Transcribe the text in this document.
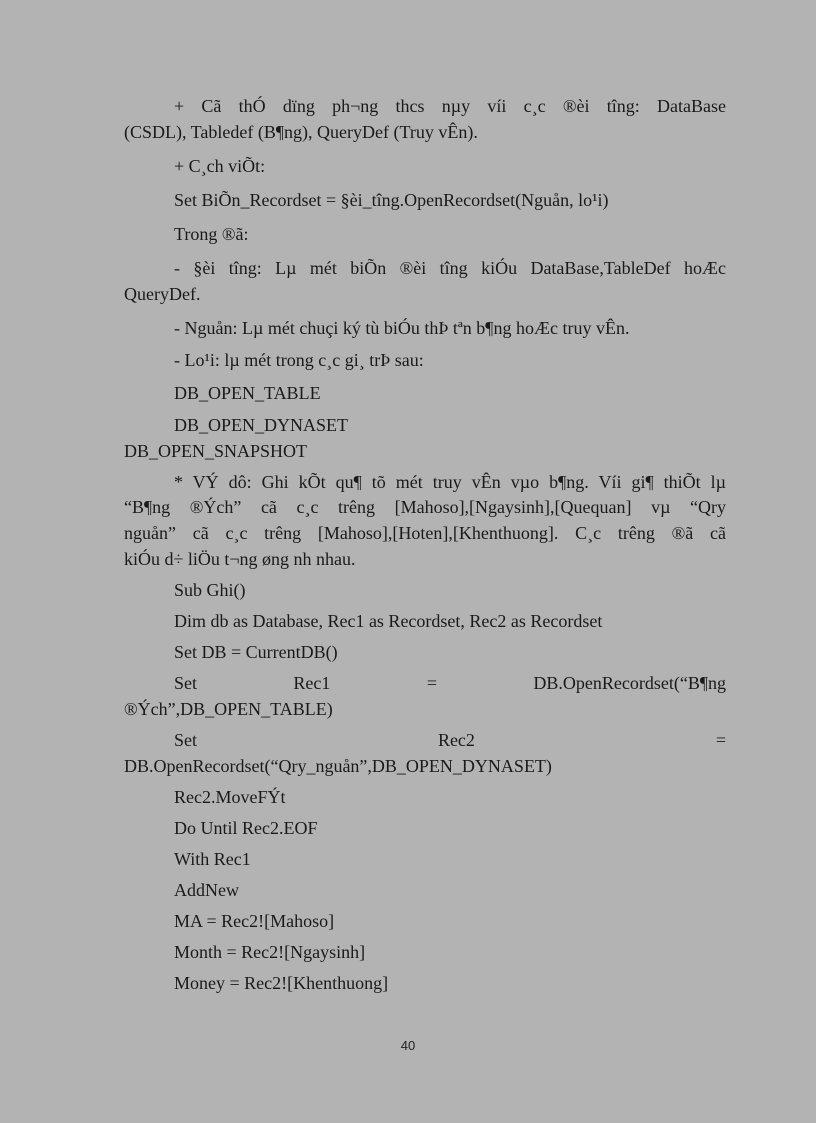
+ Cã thÓ dïng ph¬ng thcs nµy víi c¸c ®èi tîng: DataBase
(CSDL), Tabledef (B¶ng), QueryDef (Truy vÊn).
+ C¸ch viÕt:
Set BiÕn_Recordset = §èi_tîng.OpenRecordset(Nguån, lo¹i)
Trong ®ã:
- §èi tîng: Lµ mét biÕn ®èi tîng kiÓu DataBase,TableDef hoÆc
QueryDef.
- Nguån: Lµ mét chuçi ký tù biÓu thÞ tªn b¶ng hoÆc truy vÊn.
- Lo¹i: lµ mét trong c¸c gi¸ trÞ sau:
DB_OPEN_TABLE
DB_OPEN_DYNASET
DB_OPEN_SNAPSHOT
* VÝ dô: Ghi kÕt qu¶ tõ mét truy vÊn vµo b¶ng. Víi gi¶ thiÕt lµ
“B¶ng ®Ých” cã c¸c trêng [Mahoso],[Ngaysinh],[Quequan] vµ “Qry
nguån” cã c¸c trêng [Mahoso],[Hoten],[Khenthuong]. C¸c trêng ®ã cã
kiÓu d÷ liÖu t¬ng øng nh nhau.
Sub Ghi()
Dim db as Database, Rec1 as Recordset, Rec2 as Recordset
Set DB = CurrentDB()
Set	Rec1	=	DB.OpenRecordset(“B¶ng
®Ých”,DB_OPEN_TABLE)
Set	Rec2	=
DB.OpenRecordset(“Qry_nguån”,DB_OPEN_DYNASET)
Rec2.MoveFÝt
Do Until Rec2.EOF
With Rec1
AddNew
MA = Rec2![Mahoso]
Month = Rec2![Ngaysinh]
Money = Rec2![Khenthuong]
40
